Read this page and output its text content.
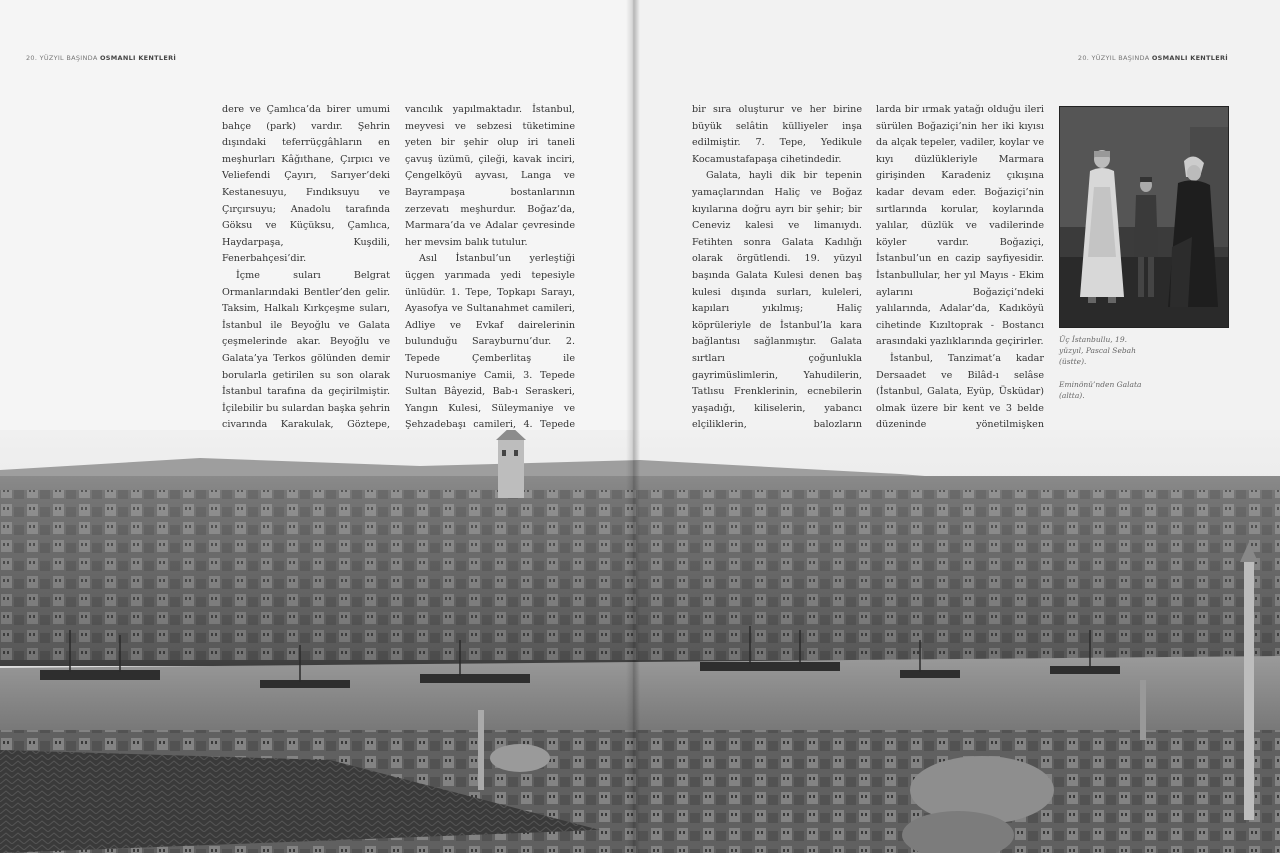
20. YÜZYIL BAŞINDA OSMANLI KENTLERİ	20. YÜZYIL BAŞINDA OSMANLI KENTLERİ

dere ve Çamlıca’da birer umumi bahçe (park) vardır. Şehrin dışındaki teferrüçgâhların en meşhurları Kâğıthane, Çırpıcı ve Veliefendi Çayırı, Sarıyer’deki Kestanesuyu, Fındıksuyu ve Çırçırsuyu; Anadolu tarafında Göksu ve Küçüksu, Çamlıca, Haydarpaşa, Kuşdili, Fenerbahçesi’dir.

İçme suları Belgrat Ormanlarındaki Bentler’den gelir. Taksim, Halkalı Kırkçeşme suları, İstanbul ile Beyoğlu ve Galata çeşmelerinde akar. Beyoğlu ve Galata’ya Terkos gölünden demir borularla getirilen su son olarak İstanbul tarafına da geçirilmiştir. İçilebilir bu sulardan başka şehrin civarında Karakulak, Göztepe,

vancılık yapılmaktadır. İstanbul, meyvesi ve sebzesi tüketimine yeten bir şehir olup iri taneli çavuş üzümü, çileği, kavak inciri, Çengelköyü ayvası, Langa ve Bayrampaşa bostanlarının zerzevatı meşhurdur. Boğaz’da, Marmara’da ve Adalar çevresinde her mevsim balık tutulur.

Asıl İstanbul’un yerleştiği üçgen yarımada yedi tepesiyle ünlüdür. 1. Tepe, Topkapı Sarayı, Ayasofya ve Sultanahmet camileri, Adliye ve Evkaf dairelerinin bulunduğu Sarayburnu’dur. 2. Tepede Çemberlitaş ile Nuruosmaniye Camii, 3. Tepede Sultan Bâyezid, Bab-ı Seraskeri, Yangın Kulesi, Süleymaniye ve Şehzadebaşı camileri, 4. Tepede

bir sıra oluşturur ve her birine büyük selâtin külliyeler inşa edilmiştir. 7. Tepe, Yedikule Kocamustafapaşa cihetindedir.

Galata, hayli dik bir tepenin yamaçlarından Haliç ve Boğaz kıyılarına doğru ayrı bir şehir; bir Ceneviz kalesi ve limanıydı. Fetihten sonra Galata Kadılığı olarak örgütlendi. 19. yüzyıl başında Galata Kulesi denen baş kulesi dışında surları, kuleleri, kapıları yıkılmış; Haliç köprüleriyle de İstanbul’la kara bağlantısı sağlanmıştır. Galata sırtları çoğunlukla gayrimüslimlerin, Yahudilerin, Tatlısu Frenklerinin, ecnebilerin yaşadığı, kiliselerin, yabancı elçiliklerin, balozların

larda bir ırmak yatağı olduğu ileri sürülen Boğaziçi’nin her iki kıyısı da alçak tepeler, vadiler, koylar ve kıyı düzlükleriyle Marmara girişinden Karadeniz çıkışına kadar devam eder. Boğaziçi’nin sırtlarında korular, koylarında yalılar, düzlük ve vadilerinde köyler vardır. Boğaziçi, İstanbul’un en cazip sayfiyesidir. İstanbullular, her yıl Mayıs - Ekim aylarını Boğaziçi’ndeki yalılarında, Adalar’da, Kadıköyü cihetinde Kızıltoprak - Bostancı arasındaki yazlıklarında geçirirler.

İstanbul, Tanzimat’a kadar Dersaadet ve Bilâd-ı selâse (İstanbul, Galata, Eyüp, Üsküdar) olmak üzere bir kent ve 3 belde düzeninde yönetilmişken

Üç İstanbullu, 19. yüzyıl, Pascal Sebah (üstte).
Eminönü’nden Galata (altta).
